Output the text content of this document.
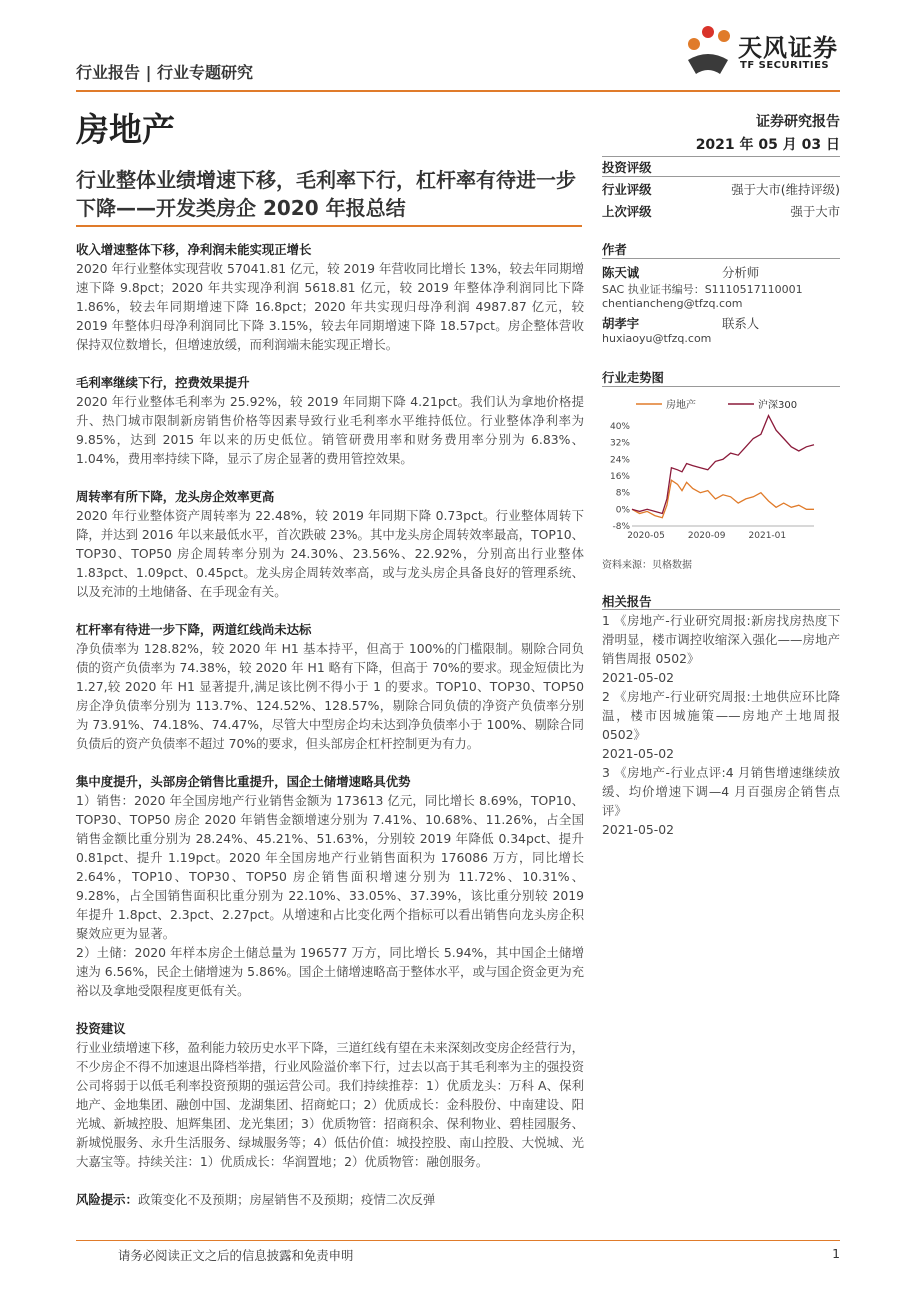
行业报告 | 行业专题研究
天风证券
TF SECURITIES
房地产	证券研究报告
2021 年 05 月 03 日
行业整体业绩增速下移，毛利率下行，杠杆率有待进一步下降——开发类房企 2020 年报总结

收入增速整体下移，净利润未能实现正增长

2020 年行业整体实现营收 57041.81 亿元，较 2019 年营收同比增长 13%，较去年同期增速下降 9.8pct；2020 年共实现净利润 5618.81 亿元，较 2019 年整体净利润同比下降 1.86%，较去年同期增速下降 16.8pct；2020 年共实现归母净利润 4987.87 亿元，较 2019 年整体归母净利润同比下降 3.15%，较去年同期增速下降 18.57pct。房企整体营收保持双位数增长，但增速放缓，而利润端未能实现正增长。

毛利率继续下行，控费效果提升

2020 年行业整体毛利率为 25.92%，较 2019 年同期下降 4.21pct。我们认为拿地价格提升、热门城市限制新房销售价格等因素导致行业毛利率水平维持低位。行业整体净利率为 9.85%，达到 2015 年以来的历史低位。销管研费用率和财务费用率分别为 6.83%、1.04%，费用率持续下降，显示了房企显著的费用管控效果。

周转率有所下降，龙头房企效率更高

2020 年行业整体资产周转率为 22.48%，较 2019 年同期下降 0.73pct。行业整体周转下降，并达到 2016 年以来最低水平，首次跌破 23%。其中龙头房企周转效率最高，TOP10、TOP30、TOP50 房企周转率分别为 24.30%、23.56%、22.92%，分别高出行业整体 1.83pct、1.09pct、0.45pct。龙头房企周转效率高，或与龙头房企具备良好的管理系统、以及充沛的土地储备、在手现金有关。

杠杆率有待进一步下降，两道红线尚未达标

净负债率为 128.82%，较 2020 年 H1 基本持平，但高于 100%的门槛限制。剔除合同负债的资产负债率为 74.38%，较 2020 年 H1 略有下降，但高于 70%的要求。现金短债比为 1.27,较 2020 年 H1 显著提升,满足该比例不得小于 1 的要求。TOP10、TOP30、TOP50 房企净负债率分别为 113.7%、124.52%、128.57%，剔除合同负债的净资产负债率分别为 73.91%、74.18%、74.47%，尽管大中型房企均未达到净负债率小于 100%、剔除合同负债后的资产负债率不超过 70%的要求，但头部房企杠杆控制更为有力。

集中度提升，头部房企销售比重提升，国企土储增速略具优势

1）销售：2020 年全国房地产行业销售金额为 173613 亿元，同比增长 8.69%，TOP10、TOP30、TOP50 房企 2020 年销售金额增速分别为 7.41%、10.68%、11.26%，占全国销售金额比重分别为 28.24%、45.21%、51.63%，分别较 2019 年降低 0.34pct、提升 0.81pct、提升 1.19pct。2020 年全国房地产行业销售面积为 176086 万方，同比增长 2.64%，TOP10、TOP30、TOP50 房企销售面积增速分别为 11.72%、10.31%、9.28%，占全国销售面积比重分别为 22.10%、33.05%、37.39%，该比重分别较 2019 年提升 1.8pct、2.3pct、2.27pct。从增速和占比变化两个指标可以看出销售向龙头房企积聚效应更为显著。

2）土储：2020 年样本房企土储总量为 196577 万方，同比增长 5.94%，其中国企土储增速为 6.56%，民企土储增速为 5.86%。国企土储增速略高于整体水平，或与国企资金更为充裕以及拿地受限程度更低有关。

投资建议

行业业绩增速下移，盈利能力较历史水平下降，三道红线有望在未来深刻改变房企经营行为，不少房企不得不加速退出降档举措，行业风险溢价率下行，过去以高于其毛利率为主的强投资公司将弱于以低毛利率投资预期的强运营公司。我们持续推荐：1）优质龙头：万科 A、保利地产、金地集团、融创中国、龙湖集团、招商蛇口；2）优质成长：金科股份、中南建设、阳光城、新城控股、旭辉集团、龙光集团；3）优质物管：招商积余、保利物业、碧桂园服务、新城悦服务、永升生活服务、绿城服务等；4）低估价值：城投控股、南山控股、大悦城、光大嘉宝等。持续关注：1）优质成长：华润置地；2）优质物管：融创服务。

风险提示：政策变化不及预期；房屋销售不及预期；疫情二次反弹

投资评级
行业评级	强于大市(维持评级)
上次评级	强于大市
作者
陈天诚	分析师
SAC 执业证书编号：S1110517110001
chentiancheng@tfzq.com
胡孝宇	联系人
huxiaoyu@tfzq.com
行业走势图
房地产	沪深300
40%
32%
24%
16%
8%
0%
-8%
2020-05	2020-09	2021-01
资料来源：贝格数据
相关报告
1 《房地产-行业研究周报:新房找房热度下滑明显，楼市调控收缩深入强化——房地产销售周报 0502》
2021-05-02
2 《房地产-行业研究周报:土地供应环比降温，楼市因城施策——房地产土地周报 0502》
2021-05-02
3 《房地产-行业点评:4 月销售增速继续放缓、均价增速下调—4 月百强房企销售点评》
2021-05-02
请务必阅读正文之后的信息披露和免责申明	1
